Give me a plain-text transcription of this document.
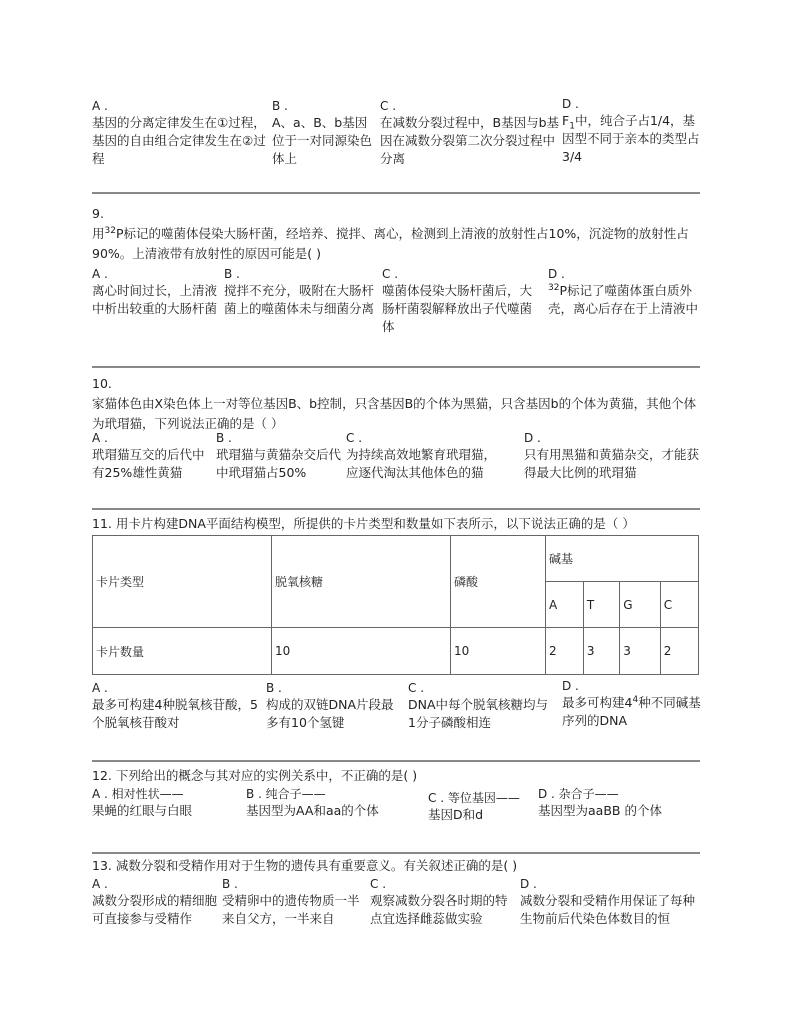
A .
基因的分离定律发生在①过程，基因的自由组合定律发生在②过程
B .
A、a、B、b基因位于一对同源染色体上
C .
在减数分裂过程中，B基因与b基因在减数分裂第二次分裂过程中分离
D .
$F_1$中，纯合子占1/4，基因型不同于亲本的类型占3/4
9.
用$^{32}$P标记的噬菌体侵染大肠杆菌，经培养、搅拌、离心，检测到上清液的放射性占10%，沉淀物的放射性占90%。上清液带有放射性的原因可能是( )
A .
离心时间过长，上清液中析出较重的大肠杆菌
B .
搅拌不充分，吸附在大肠杆菌上的噬菌体未与细菌分离
C .
噬菌体侵染大肠杆菌后，大肠杆菌裂解释放出子代噬菌体
D .
$^{32}$P标记了噬菌体蛋白质外壳，离心后存在于上清液中
10.
家猫体色由X染色体上一对等位基因B、b控制，只含基因B的个体为黑猫，只含基因b的个体为黄猫，其他个体为玳瑁猫，下列说法正确的是（ ）
A .
玳瑁猫互交的后代中有25%雄性黄猫
B .
玳瑁猫与黄猫杂交后代中玳瑁猫占50%
C .
为持续高效地繁育玳瑁猫，应逐代淘汰其他体色的猫
D .
只有用黑猫和黄猫杂交，才能获得最大比例的玳瑁猫
11. 用卡片构建DNA平面结构模型，所提供的卡片类型和数量如下表所示，以下说法正确的是（ ）
卡片类型	脱氧核糖	磷酸	碱基			
			A	T	G	C
卡片数量	10	10	2	3	3	2
A .
最多可构建4种脱氧核苷酸，5个脱氧核苷酸对
B .
构成的双链DNA片段最多有10个氢键
C .
DNA中每个脱氧核糖均与1分子磷酸相连
D .
最多可构建$4^4$种不同碱基序列的DNA
12. 下列给出的概念与其对应的实例关系中，不正确的是( )
A . 相对性状——
果蝇的红眼与白眼
B . 纯合子——
基因型为AA和aa的个体
C . 等位基因——
基因D和d
D . 杂合子——
基因型为aaBB 的个体
13. 减数分裂和受精作用对于生物的遗传具有重要意义。有关叙述正确的是( )
A .
减数分裂形成的精细胞可直接参与受精作
B .
受精卵中的遗传物质一半来自父方，一半来自
C .
观察减数分裂各时期的特点宜选择雌蕊做实验
D .
减数分裂和受精作用保证了每种生物前后代染色体数目的恒
